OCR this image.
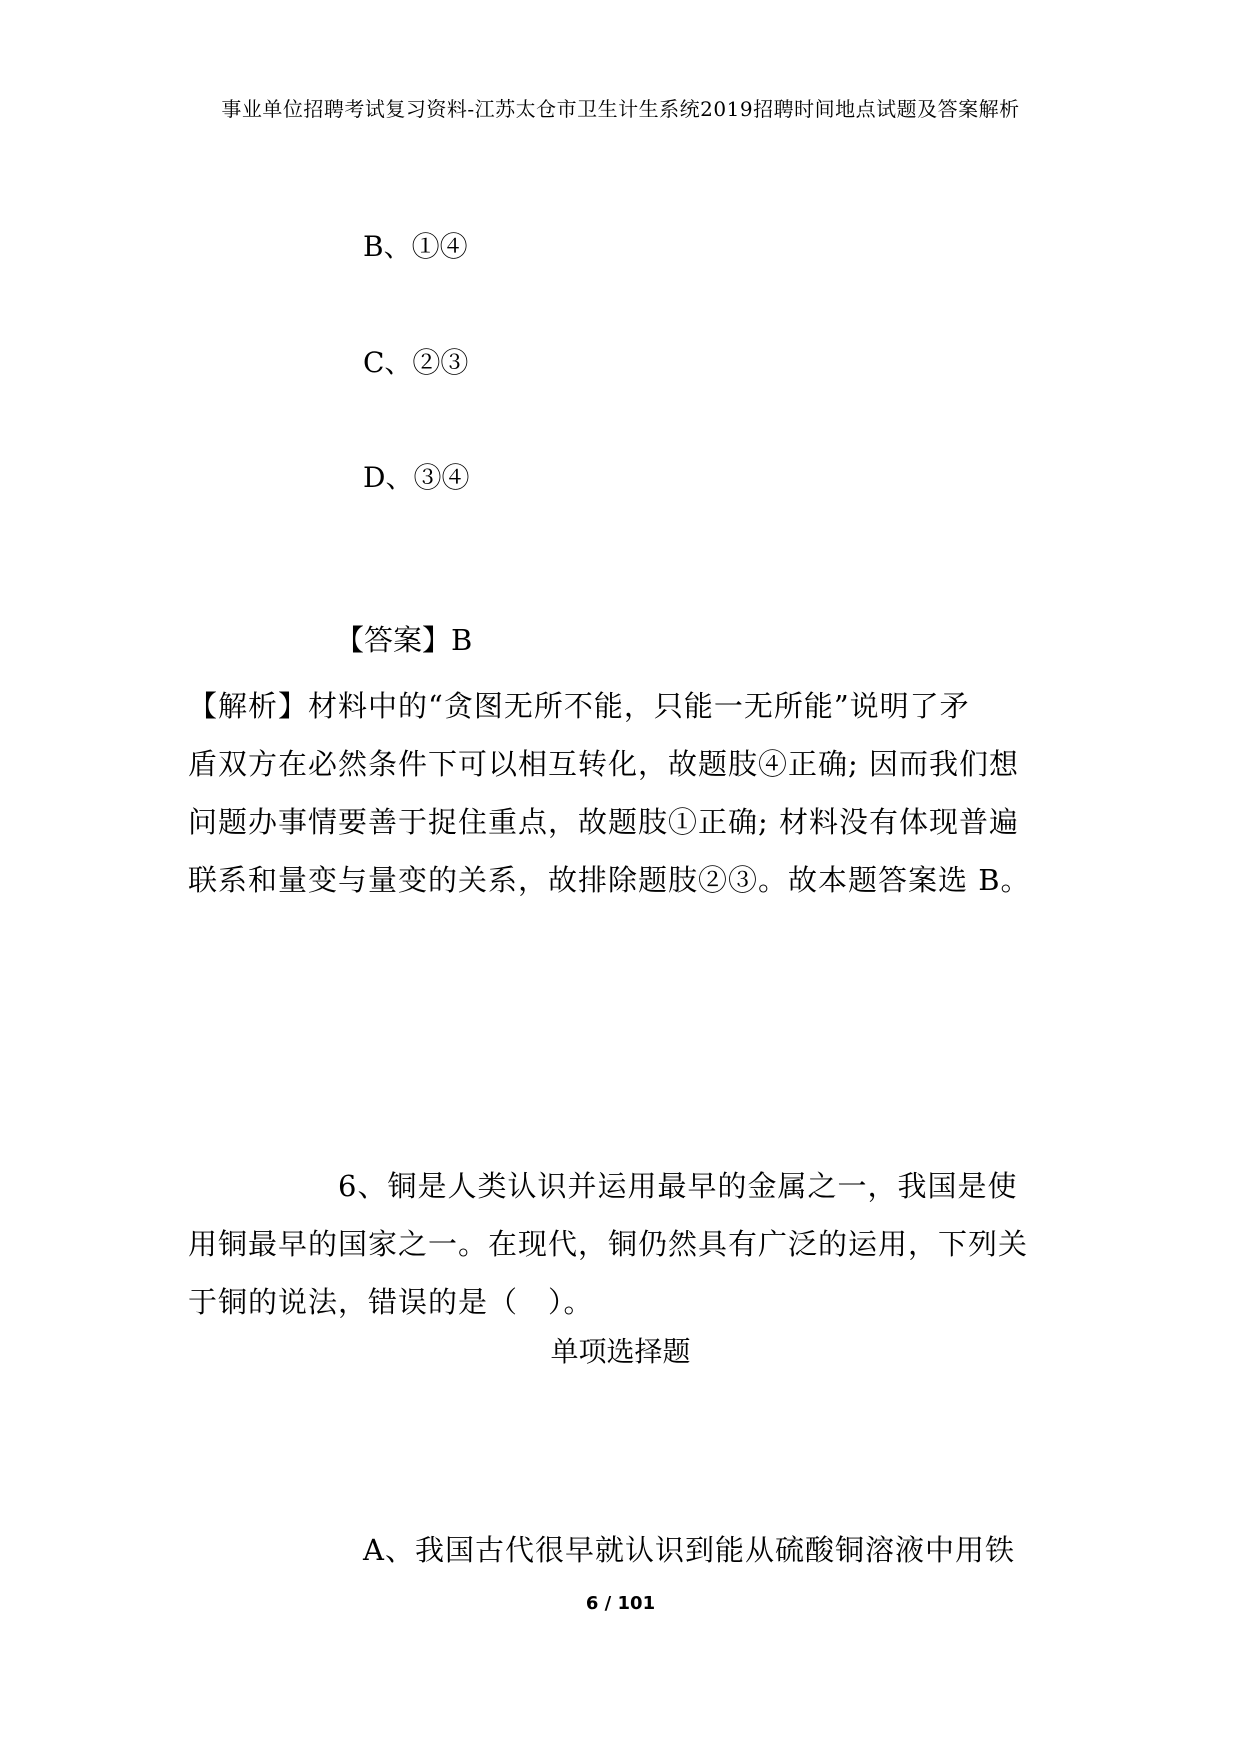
事业单位招聘考试复习资料-江苏太仓市卫生计生系统2019招聘时间地点试题及答案解析
B、①④
C、②③
D、③④
【答案】B
【解析】材料中的“贪图无所不能，只能一无所能”说明了矛
盾双方在必然条件下可以相互转化，故题肢④正确; 因而我们想
问题办事情要善于捉住重点，故题肢①正确; 材料没有体现普遍
联系和量变与量变的关系，故排除题肢②③。故本题答案选 B。
6、铜是人类认识并运用最早的金属之一，我国是使
用铜最早的国家之一。在现代，铜仍然具有广泛的运用，下列关
于铜的说法，错误的是（　）。
单项选择题
A、我国古代很早就认识到能从硫酸铜溶液中用铁
6 / 101
